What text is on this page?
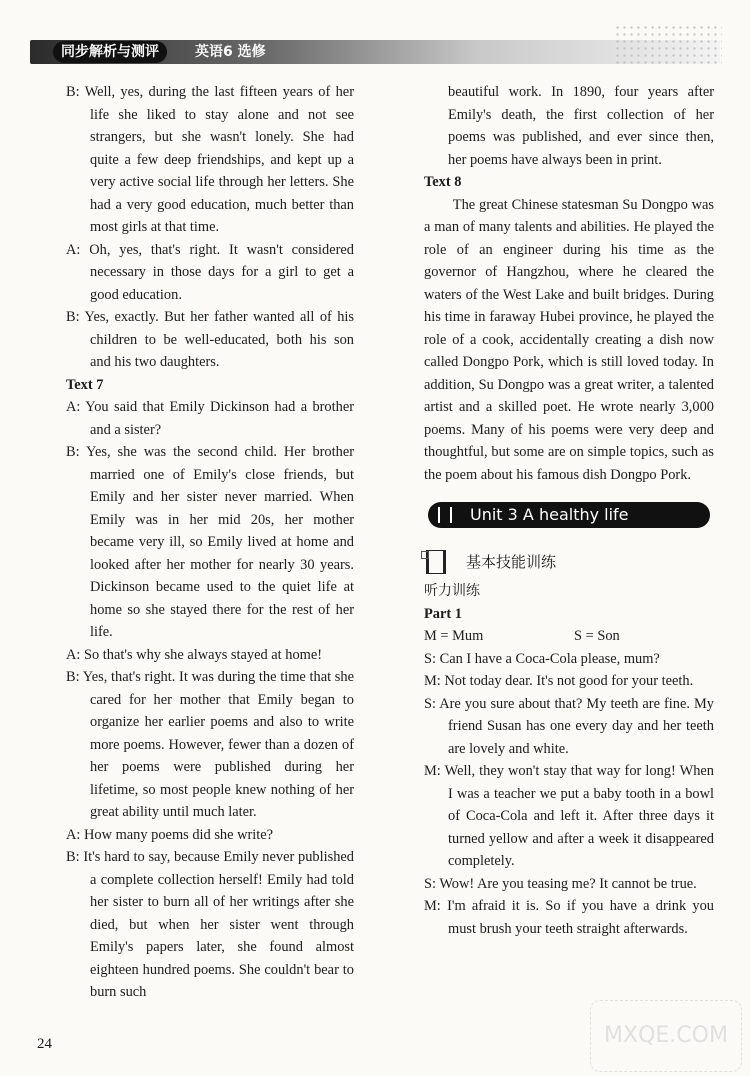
同步解析与测评	英语6 选修

B: Well, yes, during the last fifteen years of her life she liked to stay alone and not see strangers, but she wasn't lonely. She had quite a few deep friendships, and kept up a very active social life through her letters. She had a very good education, much better than most girls at that time.

A: Oh, yes, that's right. It wasn't considered necessary in those days for a girl to get a good education.

B: Yes, exactly. But her father wanted all of his children to be well-educated, both his son and his two daughters.

Text 7

A: You said that Emily Dickinson had a brother and a sister?

B: Yes, she was the second child. Her brother married one of Emily's close friends, but Emily and her sister never married. When Emily was in her mid 20s, her mother became very ill, so Emily lived at home and looked after her mother for nearly 30 years. Dickinson became used to the quiet life at home so she stayed there for the rest of her life.

A: So that's why she always stayed at home!

B: Yes, that's right. It was during the time that she cared for her mother that Emily began to organize her earlier poems and also to write more poems. However, fewer than a dozen of her poems were published during her lifetime, so most people knew nothing of her great ability until much later.

A: How many poems did she write?

B: It's hard to say, because Emily never published a complete collection herself! Emily had told her sister to burn all of her writings after she died, but when her sister went through Emily's papers later, she found almost eighteen hundred poems. She couldn't bear to burn such

beautiful work. In 1890, four years after Emily's death, the first collection of her poems was published, and ever since then, her poems have always been in print.

Text 8

The great Chinese statesman Su Dongpo was a man of many talents and abilities. He played the role of an engineer during his time as the governor of Hangzhou, where he cleared the waters of the West Lake and built bridges. During his time in faraway Hubei province, he played the role of a cook, accidentally creating a dish now called Dongpo Pork, which is still loved today. In addition, Su Dongpo was a great writer, a talented artist and a skilled poet. He wrote nearly 3,000 poems. Many of his poems were very deep and thoughtful, but some are on simple topics, such as the poem about his famous dish Dongpo Pork.

Unit 3 A healthy life
基本技能训练

听力训练

Part 1

M = Mum	S = Son

S: Can I have a Coca-Cola please, mum?

M: Not today dear. It's not good for your teeth.

S: Are you sure about that? My teeth are fine. My friend Susan has one every day and her teeth are lovely and white.

M: Well, they won't stay that way for long! When I was a teacher we put a baby tooth in a bowl of Coca-Cola and left it. After three days it turned yellow and after a week it disappeared completely.

S: Wow! Are you teasing me? It cannot be true.

M: I'm afraid it is. So if you have a drink you must brush your teeth straight afterwards.

24	MXQE.COM
